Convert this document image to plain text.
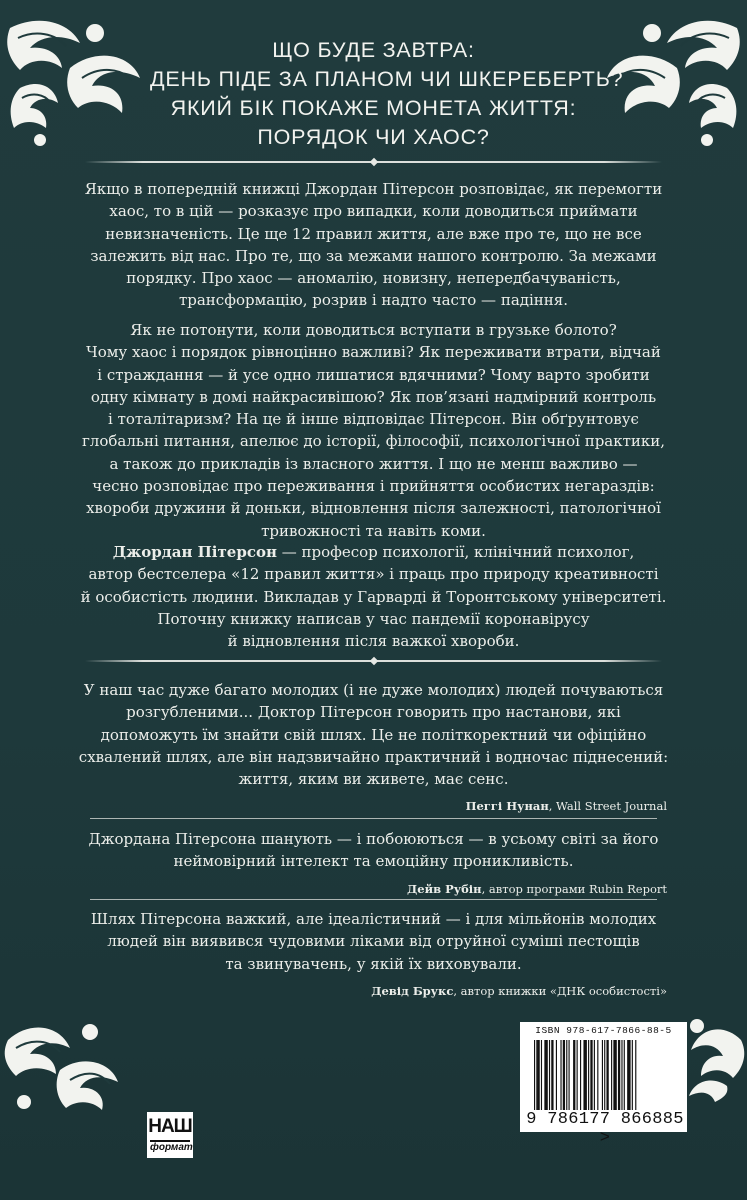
ЩО БУДЕ ЗАВТРА:
ДЕНЬ ПІДЕ ЗА ПЛАНОМ ЧИ ШКЕРЕБЕРТЬ?
ЯКИЙ БІК ПОКАЖЕ МОНЕТА ЖИТТЯ:
ПОРЯДОК ЧИ ХАОС?
Якщо в попередній книжці Джордан Пітерсон розповідає, як перемогти
хаос, то в цій — розказує про випадки, коли доводиться приймати
невизначеність. Це ще 12 правил життя, але вже про те, що не все
залежить від нас. Про те, що за межами нашого контролю. За межами
порядку. Про хаос — аномалію, новизну, непередбачуваність,
трансформацію, розрив і надто часто — падіння.
Як не потонути, коли доводиться вступати в грузьке болото?
Чому хаос і порядок рівноцінно важливі? Як переживати втрати, відчай
і страждання — й усе одно лишатися вдячними? Чому варто зробити
одну кімнату в домі найкрасивішою? Як пов’язані надмірний контроль
і тоталітаризм? На це й інше відповідає Пітерсон. Він обґрунтовує
глобальні питання, апелює до історії, філософії, психологічної практики,
а також до прикладів із власного життя. І що не менш важливо —
чесно розповідає про переживання і прийняття особистих негараздів:
хвороби дружини й доньки, відновлення після залежності, патологічної
тривожності та навіть коми.
Джордан Пітерсон — професор психології, клінічний психолог,
автор бестселера «12 правил життя» і праць про природу креативності
й особистість людини. Викладав у Гарварді й Торонтському університеті.
Поточну книжку написав у час пандемії коронавірусу
й відновлення після важкої хвороби.
У наш час дуже багато молодих (і не дуже молодих) людей почуваються
розгубленими... Доктор Пітерсон говорить про настанови, які
допоможуть їм знайти свій шлях. Це не політкоректний чи офіційно
схвалений шлях, але він надзвичайно практичний і водночас піднесений:
життя, яким ви живете, має сенс.
Пеггі Нунан, Wall Street Journal
Джордана Пітерсона шанують — і побоюються — в усьому світі за його
неймовірний інтелект та емоційну проникливість.
Дейв Рубін, автор програми Rubin Report
Шлях Пітерсона важкий, але ідеалістичний — і для мільйонів молодих
людей він виявився чудовими ліками від отруйної суміші пестощів
та звинувачень, у якій їх виховували.
Девід Брукс, автор книжки «ДНК особистості»
НАШ
формат
ISBN 978-617-7866-88-5
9 786177 866885 >
